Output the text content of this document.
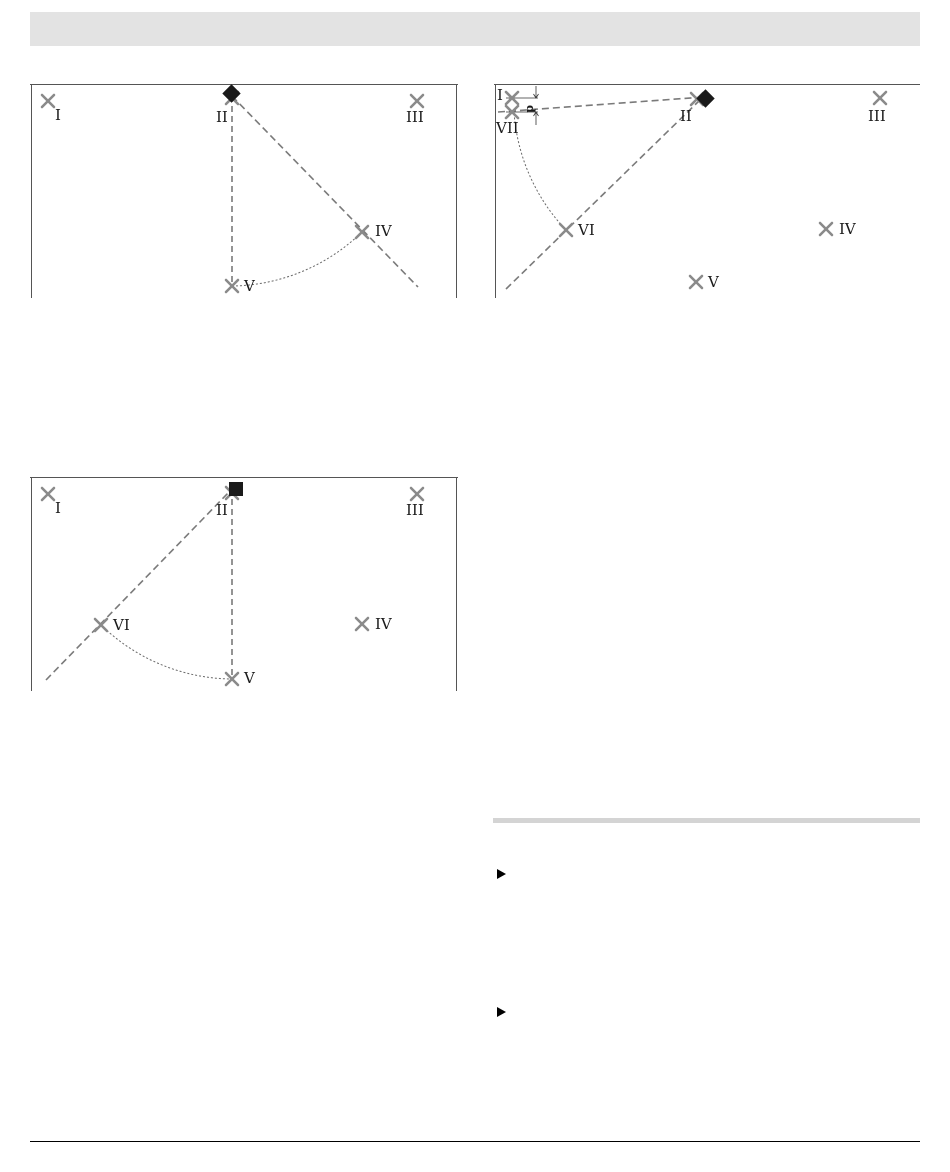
I	II	III
IV
V
d
I
II	III
IV
V
VI
VII
I	II	III
IV
V
VI
